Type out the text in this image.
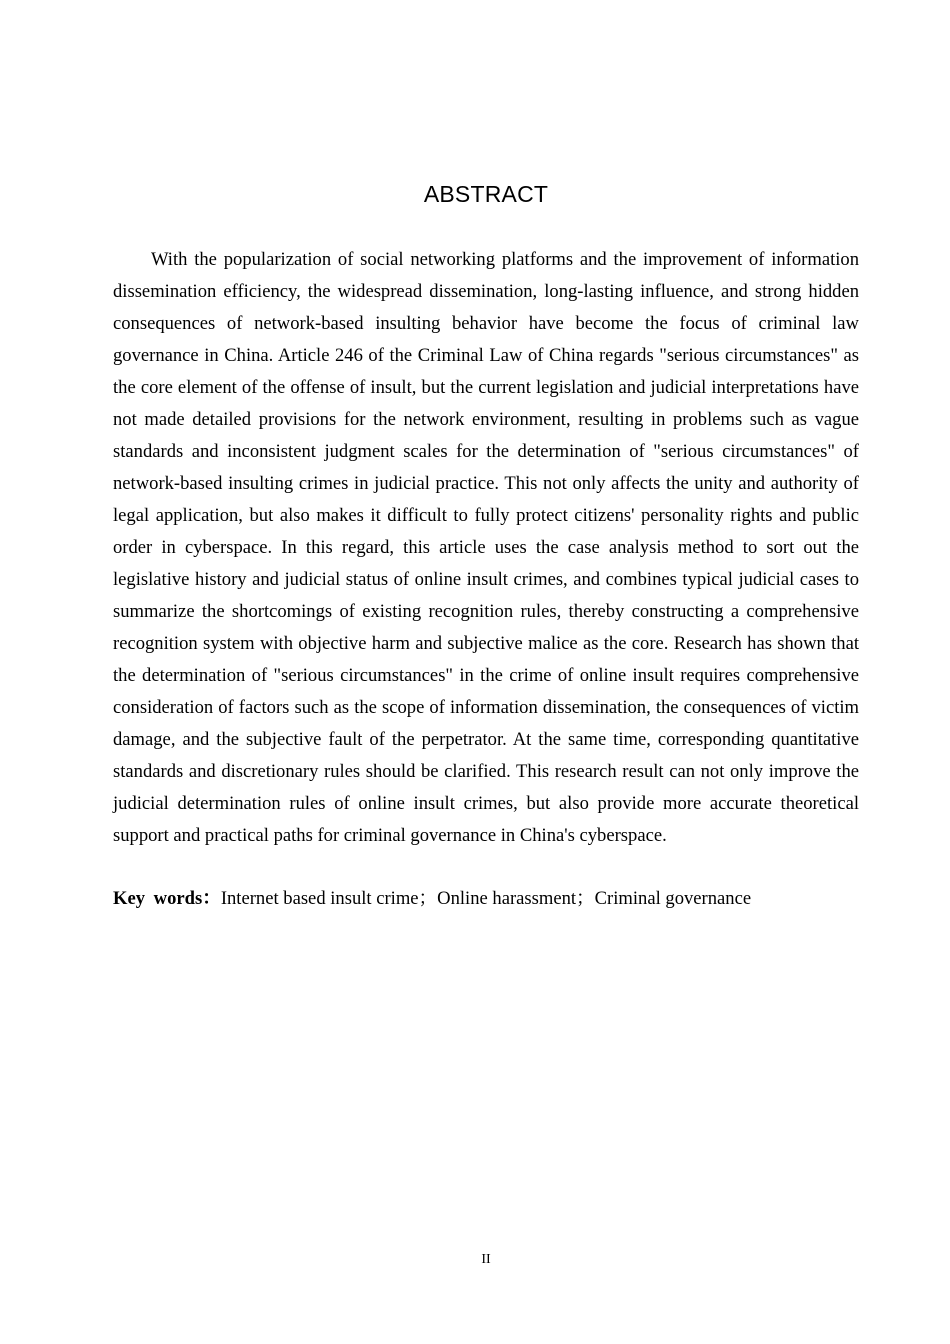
ABSTRACT

With the popularization of social networking platforms and the improvement of information dissemination efficiency, the widespread dissemination, long-lasting influence, and strong hidden consequences of network-based insulting behavior have become the focus of criminal law governance in China. Article 246 of the Criminal Law of China regards "serious circumstances" as the core element of the offense of insult, but the current legislation and judicial interpretations have not made detailed provisions for the network environment, resulting in problems such as vague standards and inconsistent judgment scales for the determination of "serious circumstances" of network-based insulting crimes in judicial practice. This not only affects the unity and authority of legal application, but also makes it difficult to fully protect citizens' personality rights and public order in cyberspace. In this regard, this article uses the case analysis method to sort out the legislative history and judicial status of online insult crimes, and combines typical judicial cases to summarize the shortcomings of existing recognition rules, thereby constructing a comprehensive recognition system with objective harm and subjective malice as the core. Research has shown that the determination of "serious circumstances" in the crime of online insult requires comprehensive consideration of factors such as the scope of information dissemination, the consequences of victim damage, and the subjective fault of the perpetrator. At the same time, corresponding quantitative standards and discretionary rules should be clarified. This research result can not only improve the judicial determination rules of online insult crimes, but also provide more accurate theoretical support and practical paths for criminal governance in China's cyberspace.

Key words：Internet based insult crime；Online harassment；Criminal governance

II
